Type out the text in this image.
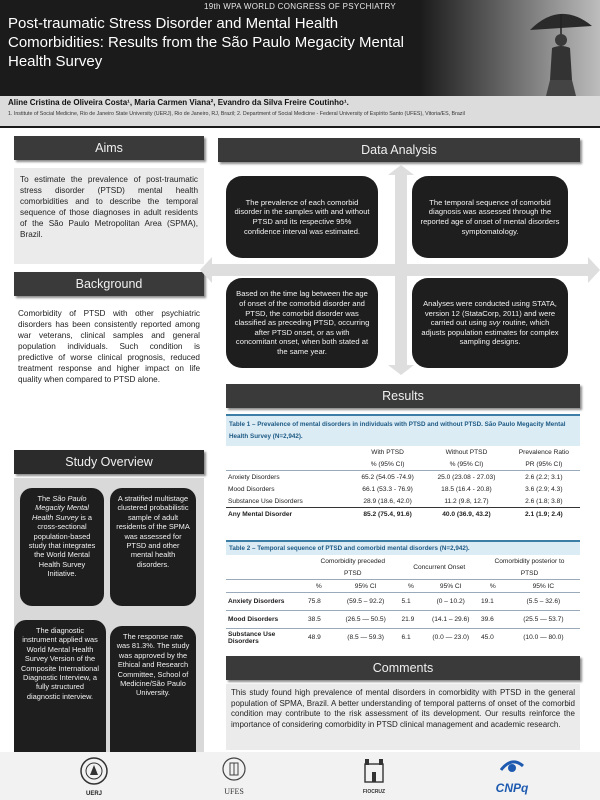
19th WPA WORLD CONGRESS OF PSYCHIATRY
Post-traumatic Stress Disorder and Mental Health Comorbidities: Results from the São Paulo Megacity Mental Health Survey
Aline Cristina de Oliveira Costa¹, Maria Carmen Viana², Evandro da Silva Freire Coutinho¹.
1. Institute of Social Medicine, Rio de Janeiro State University (UERJ), Rio de Janeiro, RJ, Brazil; 2. Department of Social Medicine - Federal University of Espírito Santo (UFES), Vitoria/ES, Brazil
Aims
To estimate the prevalence of post-traumatic stress disorder (PTSD) mental health comorbidities and to describe the temporal sequence of those diagnoses in adult residents of the São Paulo Metropolitan Area (SPMA), Brazil.
Background
Comorbidity of PTSD with other psychiatric disorders has been consistently reported among war veterans, clinical samples and general population individuals. Such condition is predictive of worse clinical prognosis, reduced treatment response and higher impact on life quality when compared to PTSD alone.
Study Overview
The São Paulo Megacity Mental Health Survey is a cross-sectional population-based study that integrates the World Mental Health Survey Initiative.
A stratified multistage clustered probabilistic sample of adult residents of the SPMA was assessed for PTSD and other mental health disorders.
The diagnostic instrument applied was World Mental Health Survey Version of the Composite International Diagnostic Interview, a fully structured diagnostic interview.
The response rate was 81.3%. The study was approved by the Ethical and Research Committee, School of Medicine/São Paulo University.
Data Analysis
The prevalence of each comorbid disorder in the samples with and without PTSD and its respective 95% confidence interval was estimated.
The temporal sequence of comorbid diagnosis was assessed through the reported age of onset of mental disorders symptomatology.
Based on the time lag between the age of onset of the comorbid disorder and PTSD, the comorbid disorder was classified as preceding PTSD, occurring after PTSD onset, or as with concomitant onset, when both stated at the same year.
Analyses were conducted using STATA, version 12 (StataCorp, 2011) and were carried out using svy routine, which adjusts population estimates for complex sampling designs.
Results
Table 1 – Prevalence of mental disorders in individuals with PTSD and without PTSD. São Paulo Megacity Mental Health Survey (N=2,942).
	With PTSD	Without PTSD	Prevalence Ratio
	% (95% CI)	% (95% CI)	PR (95% CI)
Anxiety Disorders	65.2 (54.05 -74.9)	25.0 (23.08 - 27.03)	2.6 (2.2; 3.1)
Mood Disorders	66.1 (53.3 - 76.9)	18.5 (16.4 - 20.8)	3.6 (2.9; 4.3)
Substance Use Disorders	28.9 (18.6, 42.0)	11.2 (9.8, 12.7)	2.6 (1.8; 3.8)
Any Mental Disorder	85.2 (75.4, 91.6)	40.0 (36.9, 43.2)	2.1 (1.9; 2.4)
Table 2 – Temporal sequence of PTSD and comorbid mental disorders (N=2,942).
	Comorbidity preceded		Concurrent Onset		Comorbidity posterior to	
	PTSD				PTSD	
	%	95% CI	%	95% CI	%	95% IC
Anxiety Disorders	75.8	(59.5 – 92.2)	5.1	(0 – 10.2)	19.1	(5.5 – 32.6)
Mood Disorders	38.5	(26.5 — 50.5)	21.9	(14.1 – 29.6)	39.6	(25.5 — 53.7)
Substance Use Disorders	48.9	(8.5 — 59.3)	6.1	(0.0 — 23.0)	45.0	(10.0 — 80.0)
Comments
This study found high prevalence of mental disorders in comorbidity with PTSD in the general population of SPMA, Brazil. A better understanding of temporal patterns of onset of the comorbid condition may contribute to the risk assessment of its development. Our results reinforce the importance of considering comorbidity in PTSD clinical management and academic research.
UERJ	UFES	FIOCRUZ	CNPq
